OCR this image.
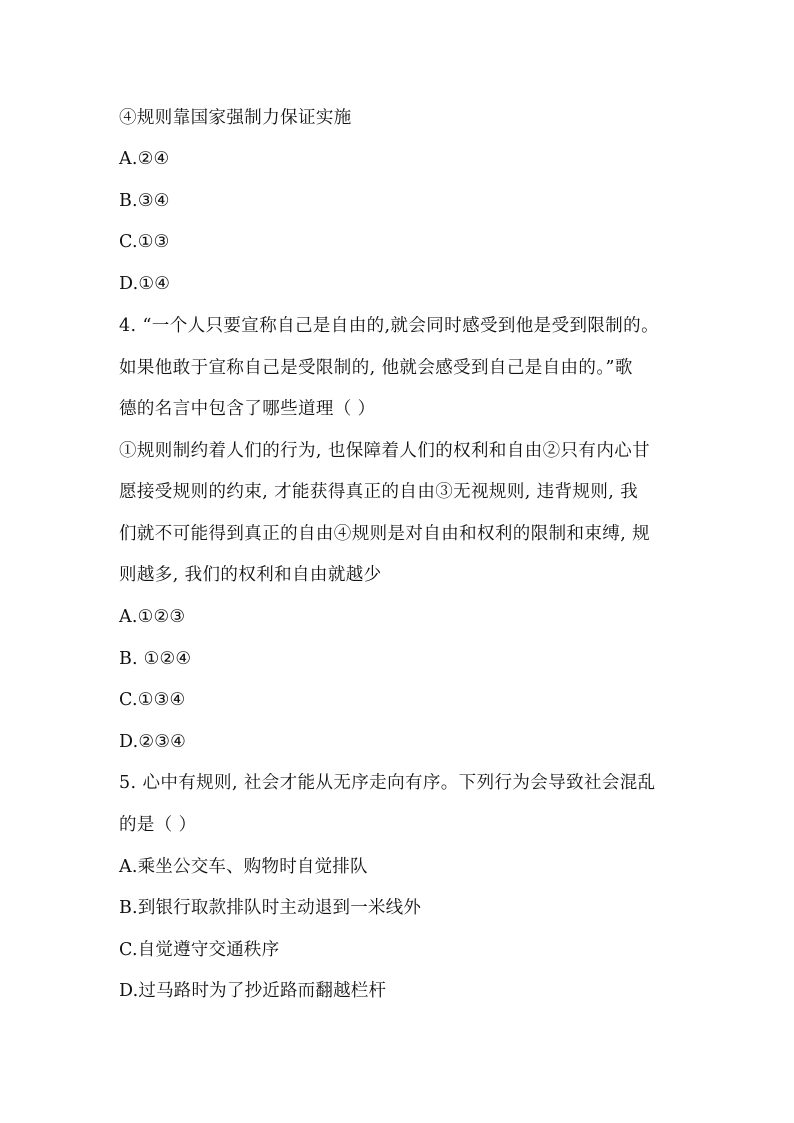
④规则靠国家强制力保证实施
A.②④
B.③④
C.①③
D.①④
4. “一个人只要宣称自己是自由的,就会同时感受到他是受到限制的。
如果他敢于宣称自己是受限制的, 他就会感受到自己是自由的。”歌
德的名言中包含了哪些道理（ ）
①规则制约着人们的行为, 也保障着人们的权利和自由②只有内心甘
愿接受规则的约束, 才能获得真正的自由③无视规则, 违背规则, 我
们就不可能得到真正的自由④规则是对自由和权利的限制和束缚, 规
则越多, 我们的权利和自由就越少
A.①②③
B. ①②④
C.①③④
D.②③④
5. 心中有规则, 社会才能从无序走向有序。下列行为会导致社会混乱
的是（ ）
A.乘坐公交车、购物时自觉排队
B.到银行取款排队时主动退到一米线外
C.自觉遵守交通秩序
D.过马路时为了抄近路而翻越栏杆
